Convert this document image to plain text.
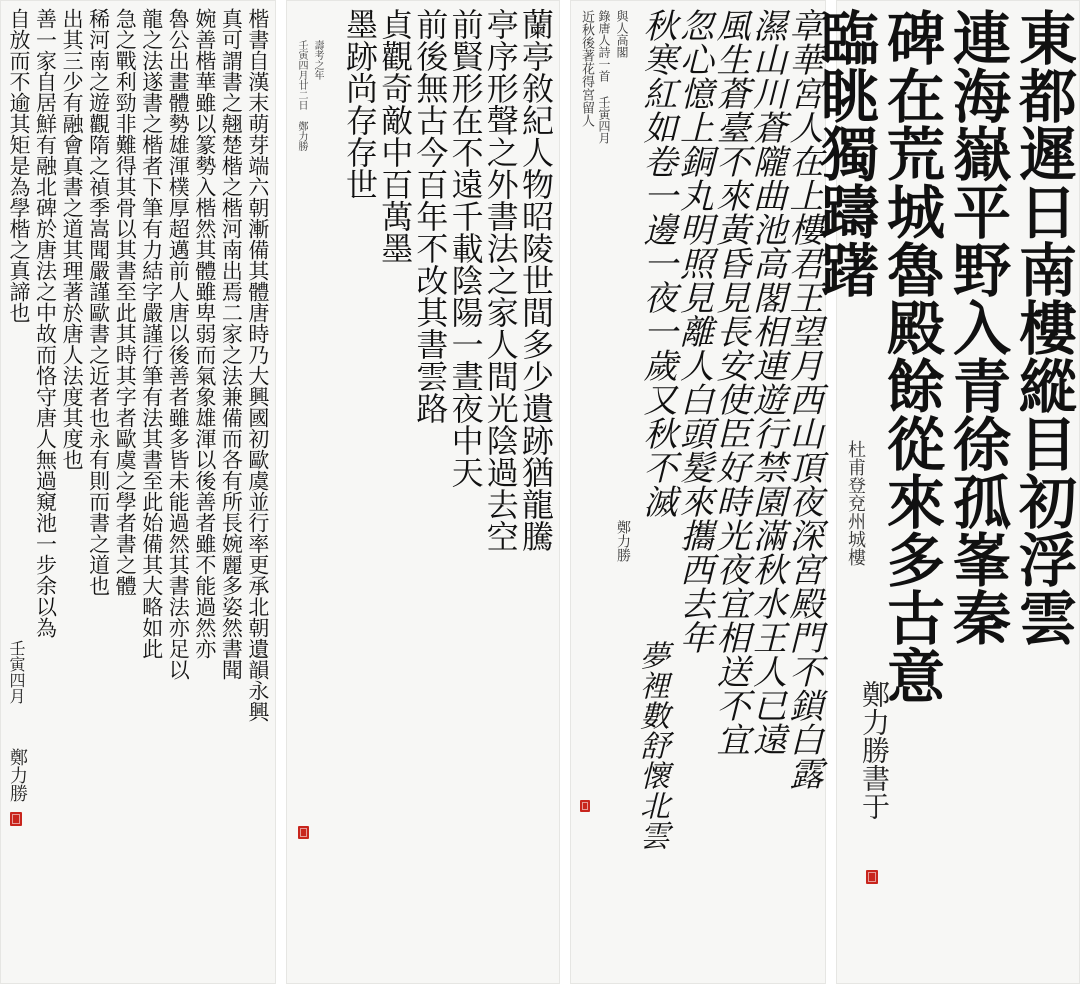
楷書自漢末萌芽端六朝漸備其體唐時乃大興國初歐虞並行率更承北朝遺韻永興
真可謂書之翹楚楷之楷河南出焉二家之法兼備而各有所長婉麗多姿然書聞
婉善楷華雖以篆勢入楷然其體雖卑弱而氣象雄渾以後善者雖不能過然亦
魯公出畫體勢雄渾樸厚超邁前人唐以後善者雖多皆未能過然其書法亦足以
龍之法遂書之楷者下筆有力結字嚴謹行筆有法其書至此始備其大略如此
急之戰利勁非難得其骨以其書至此其時其字者歐虞之學者書之體
稀河南之遊觀隋之禎季嵩聞嚴謹歐書之近者也永有則而書之道也
出其三少有融會真書之道其理著於唐人法度其度也
善一家自居鮮有融北碑於唐法之中故而恪守唐人無過窺池一步余以為
自放而不逾其矩是為學楷之真諦也
壬寅四月
鄭力勝
蘭亭敘紀人物昭陵世間多少遺跡猶龍騰
亭序形聲之外書法之家人間光陰過去空
前賢形在不遠千載陰陽一晝夜中天
前後無古今百年不改其書雲路
貞觀奇敵中百萬墨
墨跡尚存存世
壬寅四月廿二日 鄭力勝 壽考之年	章華宮人在上樓君王望月西山頂夜深宮殿門不鎖白露
濕山川蒼隴曲池高閣相連遊行禁園滿秋水王人已遠
風生蒼臺不來黃昏見長安使臣好時光夜宜相送不宜
忽心憶上銅丸明照見離人白頭髮來攜西去年
秋寒紅如卷一邊一夜一歲又秋不滅
近秋後著花得宮留人 錄唐人詩一首 壬寅四月 與人高閣
鄭力勝
夢裡數舒懷北雲
東都遲日南樓縱目初浮雲
連海嶽平野入青徐孤峯秦
碑在荒城魯殿餘從來多古意
臨眺獨躊躇
杜甫登兗州城樓
鄭力勝書于
